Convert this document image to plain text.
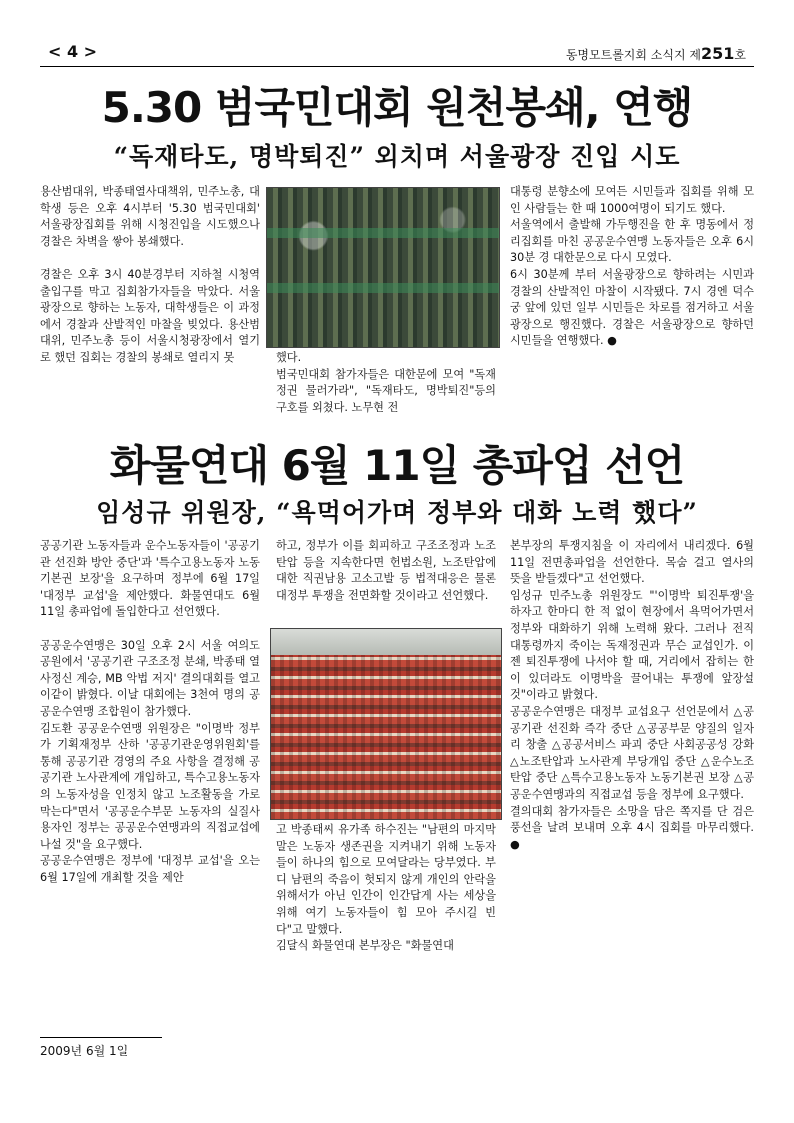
< 4 >	동명모트롤지회 소식지 제251호
5.30 범국민대회 원천봉쇄, 연행
“독재타도, 명박퇴진” 외치며 서울광장 진입 시도

용산범대위, 박종태열사대책위, 민주노총, 대학생 등은 오후 4시부터 '5.30 범국민대회' 서울광장집회를 위해 시청진입을 시도했으나 경찰은 차벽을 쌓아 봉쇄했다.

경찰은 오후 3시 40분경부터 지하철 시청역 출입구를 막고 집회참가자들을 막았다. 서울광장으로 향하는 노동자, 대학생들은 이 과정에서 경찰과 산발적인 마찰을 빚었다. 용산범대위, 민주노총 등이 서울시청광장에서 열기로 했던 집회는 경찰의 봉쇄로 열리지 못	했다.

범국민대회 참가자들은 대한문에 모여 "독재정권 물러가라", "독재타도, 명박퇴진"등의 구호를 외쳤다. 노무현 전

대통령 분향소에 모여든 시민들과 집회를 위해 모인 사람들는 한 때 1000여명이 되기도 했다.

서울역에서 출발해 가두행진을 한 후 명동에서 정리집회를 마친 공공운수연맹 노동자들은 오후 6시 30분 경 대한문으로 다시 모였다.

6시 30분께 부터 서울광장으로 향하려는 시민과 경찰의 산발적인 마찰이 시작됐다. 7시 경엔 덕수궁 앞에 있던 일부 시민들은 차로를 점거하고 서울광장으로 행진했다. 경찰은 서울광장으로 향하던 시민들을 연행했다. ●

화물연대 6월 11일 총파업 선언
임성규 위원장, “욕먹어가며 정부와 대화 노력 했다”

공공기관 노동자들과 운수노동자들이 '공공기관 선진화 방안 중단'과 '특수고용노동자 노동기본권 보장'을 요구하며 정부에 6월 17일 '대정부 교섭'을 제안했다. 화물연대도 6월 11일 총파업에 돌입한다고 선언했다.

공공운수연맹은 30일 오후 2시 서울 여의도공원에서 '공공기관 구조조정 분쇄, 박종태 열사정신 계승, MB 악법 저지' 결의대회를 열고 이같이 밝혔다. 이날 대회에는 3천여 명의 공공운수연맹 조합원이 참가했다.

김도환 공공운수연맹 위원장은 "이명박 정부가 기획재정부 산하 '공공기관운영위원회'를 통해 공공기관 경영의 주요 사항을 결정해 공공기관 노사관계에 개입하고, 특수고용노동자의 노동자성을 인정치 않고 노조활동을 가로막는다"면서 '공공운수부문 노동자의 실질사용자인 정부는 공공운수연맹과의 직접교섭에 나설 것"을 요구했다.

공공운수연맹은 정부에 '대정부 교섭'을 오는 6월 17일에 개최할 것을 제안

하고, 정부가 이를 회피하고 구조조정과 노조탄압 등을 지속한다면 헌법소원, 노조탄압에 대한 직권남용 고소고발 등 법적대응은 물론 대정부 투쟁을 전면화할 것이라고 선언했다.

고 박종태씨 유가족 하수진는 "남편의 마지막 말은 노동자 생존권을 지켜내기 위해 노동자들이 하나의 힘으로 모여달라는 당부였다. 부디 남편의 죽음이 헛되지 않게 개인의 안락을 위해서가 아닌 인간이 인간답게 사는 세상을 위해 여기 노동자들이 힘 모아 주시길 빈다"고 말했다.

김달식 화물연대 본부장은 "화물연대

본부장의 투쟁지침을 이 자리에서 내리겠다. 6월 11일 전면총파업을 선언한다. 목숨 걸고 열사의 뜻을 받들겠다"고 선언했다.

임성규 민주노총 위원장도 "'이명박 퇴진투쟁'을 하자고 한마디 한 적 없이 현장에서 욕먹어가면서 정부와 대화하기 위해 노력해 왔다. 그러나 전직 대통령까지 죽이는 독재정권과 무슨 교섭인가. 이젠 퇴진투쟁에 나서야 할 때, 거리에서 잡히는 한이 있더라도 이명박을 끌어내는 투쟁에 앞장설 것"이라고 밝혔다.

공공운수연맹은 대정부 교섭요구 선언문에서 △공공기관 선진화 즉각 중단 △공공부문 양질의 일자리 창출 △공공서비스 파괴 중단 사회공공성 강화 △노조탄압과 노사관계 부당개입 중단 △운수노조 탄압 중단 △특수고용노동자 노동기본권 보장 △공공운수연맹과의 직접교섭 등을 정부에 요구했다.

결의대회 참가자들은 소망을 담은 쪽지를 단 검은 풍선을 날려 보내며 오후 4시 집회를 마무리했다. ●

2009년 6월 1일
